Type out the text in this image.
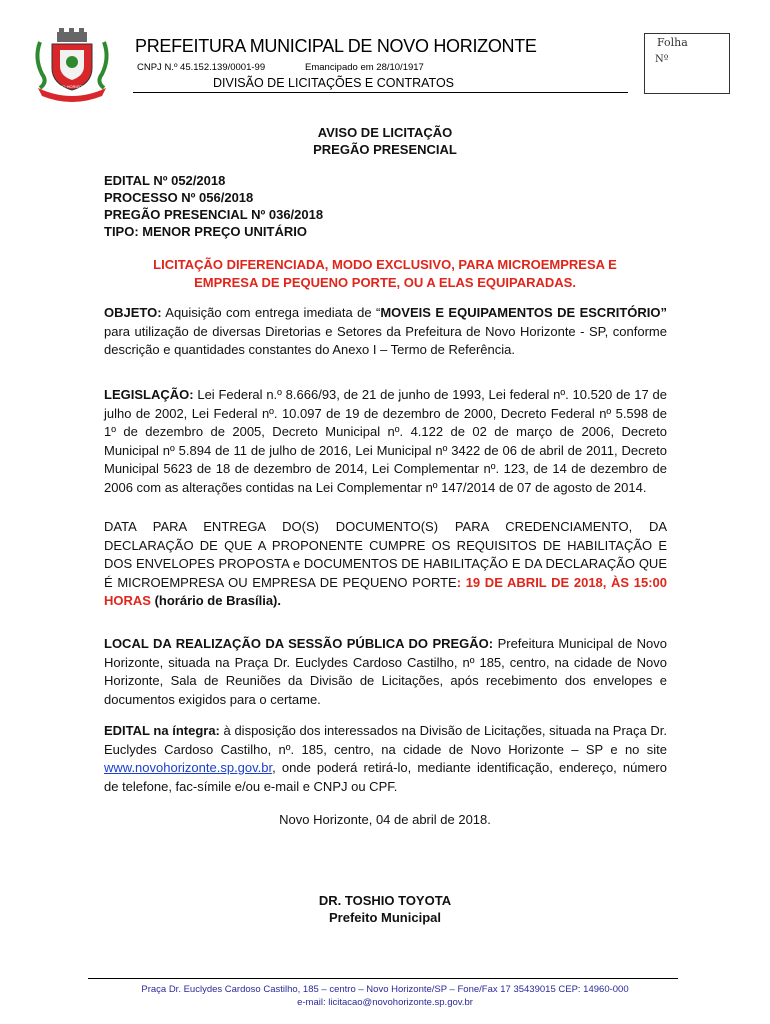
NOVO HORIZONTE
PREFEITURA MUNICIPAL DE NOVO HORIZONTE
CNPJ N.º 45.152.139/0001-99	Emancipado em 28/10/1917
DIVISÃO DE LICITAÇÕES E CONTRATOS
Folha
Nº
AVISO DE LICITAÇÃO
PREGÃO PRESENCIAL
EDITAL Nº 052/2018
PROCESSO Nº 056/2018
PREGÃO PRESENCIAL Nº 036/2018
TIPO: MENOR PREÇO UNITÁRIO
LICITAÇÃO DIFERENCIADA, MODO EXCLUSIVO, PARA MICROEMPRESA E
EMPRESA DE PEQUENO PORTE, OU A ELAS EQUIPARADAS.
OBJETO: Aquisição com entrega imediata de “MOVEIS E EQUIPAMENTOS DE ESCRITÓRIO” para utilização de diversas Diretorias e Setores da Prefeitura de Novo Horizonte - SP, conforme descrição e quantidades constantes do Anexo I – Termo de Referência.
LEGISLAÇÃO: Lei Federal n.º 8.666/93, de 21 de junho de 1993, Lei federal nº. 10.520 de 17 de julho de 2002, Lei Federal nº. 10.097 de 19 de dezembro de 2000, Decreto Federal nº 5.598 de 1º de dezembro de 2005, Decreto Municipal nº. 4.122 de 02 de março de 2006, Decreto Municipal nº 5.894 de 11 de julho de 2016, Lei Municipal nº 3422 de 06 de abril de 2011, Decreto Municipal 5623 de 18 de dezembro de 2014, Lei Complementar nº. 123, de 14 de dezembro de 2006 com as alterações contidas na Lei Complementar nº 147/2014 de 07 de agosto de 2014.
DATA PARA ENTREGA DO(S) DOCUMENTO(S) PARA CREDENCIAMENTO, DA DECLARAÇÃO DE QUE A PROPONENTE CUMPRE OS REQUISITOS DE HABILITAÇÃO E DOS ENVELOPES PROPOSTA e DOCUMENTOS DE HABILITAÇÃO E DA DECLARAÇÃO QUE É MICROEMPRESA OU EMPRESA DE PEQUENO PORTE: 19 DE ABRIL DE 2018, ÀS 15:00 HORAS (horário de Brasília).
LOCAL DA REALIZAÇÃO DA SESSÃO PÚBLICA DO PREGÃO: Prefeitura Municipal de Novo Horizonte, situada na Praça Dr. Euclydes Cardoso Castilho, nº 185, centro, na cidade de Novo Horizonte, Sala de Reuniões da Divisão de Licitações, após recebimento dos envelopes e documentos exigidos para o certame.
EDITAL na íntegra: à disposição dos interessados na Divisão de Licitações, situada na Praça Dr. Euclydes Cardoso Castilho, nº. 185, centro, na cidade de Novo Horizonte – SP e no site www.novohorizonte.sp.gov.br, onde poderá retirá-lo, mediante identificação, endereço, número de telefone, fac-símile e/ou e-mail e CNPJ ou CPF.
Novo Horizonte, 04 de abril de 2018.
DR. TOSHIO TOYOTA
Prefeito Municipal
Praça Dr. Euclydes Cardoso Castilho, 185 – centro – Novo Horizonte/SP – Fone/Fax 17 35439015 CEP: 14960-000
e-mail: licitacao@novohorizonte.sp.gov.br
